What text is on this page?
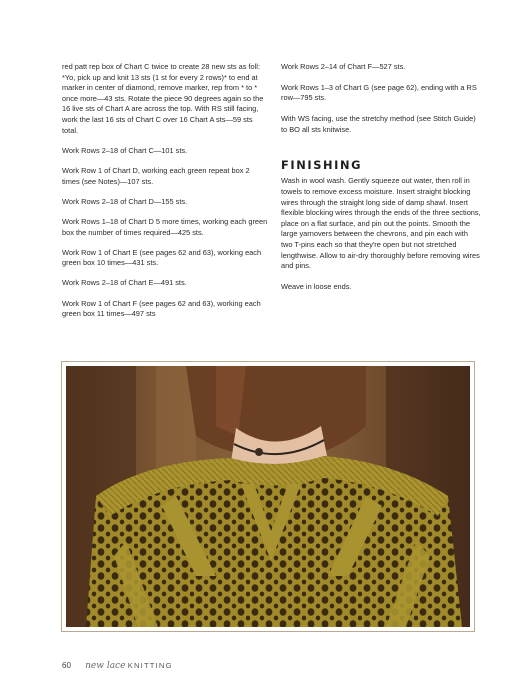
red patt rep box of Chart C twice to create 28 new sts as foll: *Yo, pick up and knit 13 sts (1 st for every 2 rows)* to end at marker in center of diamond, remove marker, rep from * to * once more—43 sts. Rotate the piece 90 degrees again so the 16 live sts of Chart A are across the top. With RS still facing, work the last 16 sts of Chart C over 16 Chart A sts—59 sts total.

Work Rows 2–18 of Chart C—101 sts.

Work Row 1 of Chart D, working each green repeat box 2 times (see Notes)—107 sts.

Work Rows 2–18 of Chart D—155 sts.

Work Rows 1–18 of Chart D 5 more times, working each green box the number of times required—425 sts.

Work Row 1 of Chart E (see pages 62 and 63), working each green box 10 times—431 sts.

Work Rows 2–18 of Chart E—491 sts.

Work Row 1 of Chart F (see pages 62 and 63), working each green box 11 times—497 sts

Work Rows 2–14 of Chart F—527 sts.

Work Rows 1–3 of Chart G (see page 62), ending with a RS row—795 sts.

With WS facing, use the stretchy method (see Stitch Guide) to BO all sts knitwise.

FINISHING

Wash in wool wash. Gently squeeze out water, then roll in towels to remove excess moisture. Insert straight blocking wires through the straight long side of damp shawl. Insert flexible blocking wires through the ends of the three sections, place on a flat surface, and pin out the points. Smooth the large yarnovers between the chevrons, and pin each with two T-pins each so that they're open but not stretched lengthwise. Allow to air-dry thoroughly before removing wires and pins.

Weave in loose ends.

60 new lace KNITTING
